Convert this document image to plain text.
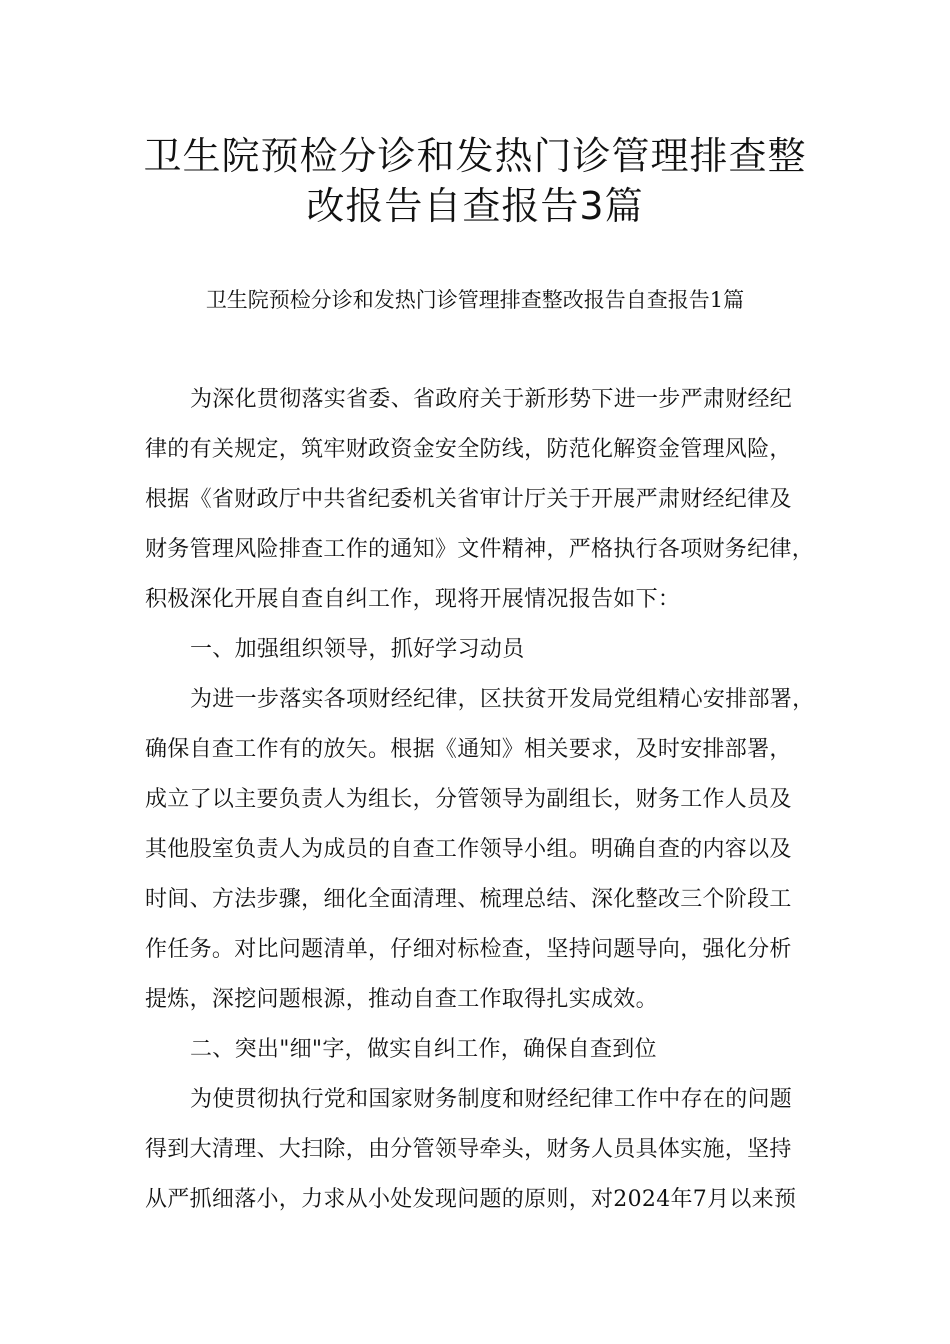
卫生院预检分诊和发热门诊管理排查整
改报告自查报告3篇
卫生院预检分诊和发热门诊管理排查整改报告自查报告1篇
为深化贯彻落实省委、省政府关于新形势下进一步严肃财经纪
律的有关规定，筑牢财政资金安全防线，防范化解资金管理风险，
根据《省财政厅中共省纪委机关省审计厅关于开展严肃财经纪律及
财务管理风险排查工作的通知》文件精神，严格执行各项财务纪律，
积极深化开展自查自纠工作，现将开展情况报告如下：
一、加强组织领导，抓好学习动员
为进一步落实各项财经纪律，区扶贫开发局党组精心安排部署，
确保自查工作有的放矢。根据《通知》相关要求，及时安排部署，
成立了以主要负责人为组长，分管领导为副组长，财务工作人员及
其他股室负责人为成员的自查工作领导小组。明确自查的内容以及
时间、方法步骤，细化全面清理、梳理总结、深化整改三个阶段工
作任务。对比问题清单，仔细对标检查，坚持问题导向，强化分析
提炼，深挖问题根源，推动自查工作取得扎实成效。
二、突出"细"字，做实自纠工作，确保自查到位
为使贯彻执行党和国家财务制度和财经纪律工作中存在的问题
得到大清理、大扫除，由分管领导牵头，财务人员具体实施，坚持
从严抓细落小，力求从小处发现问题的原则，对2024年7月以来预
